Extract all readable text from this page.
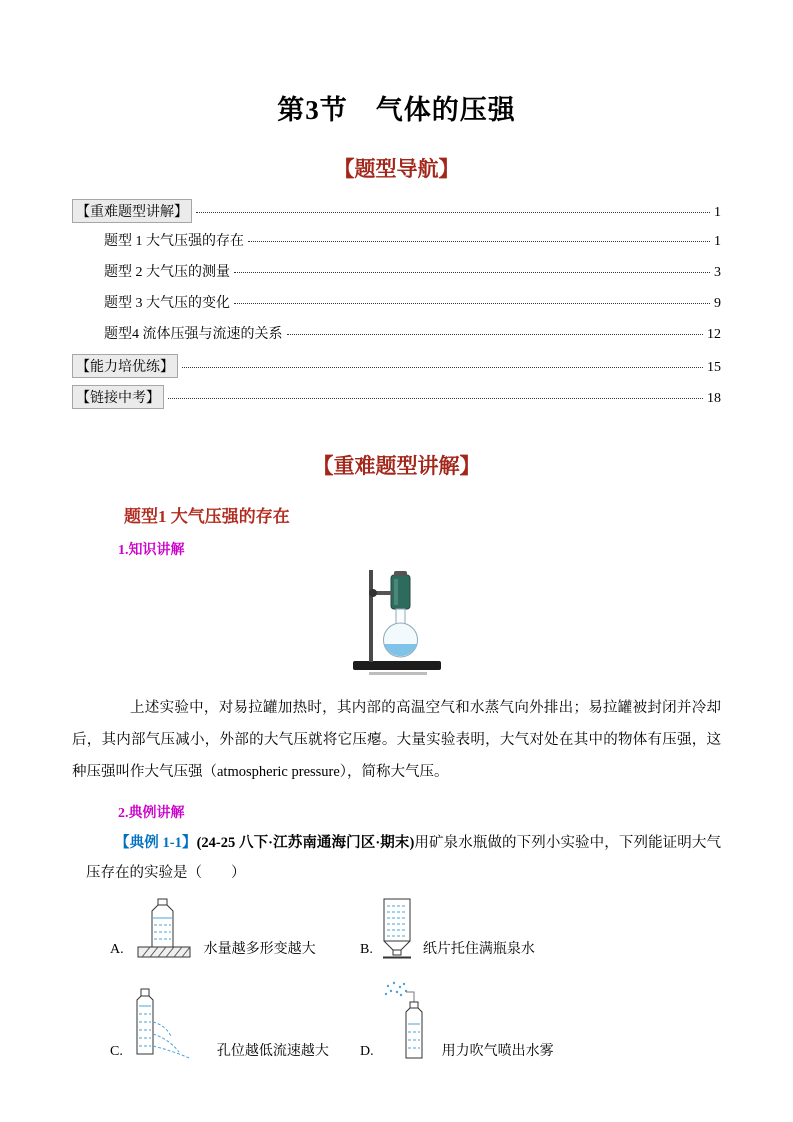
第3节　气体的压强
【题型导航】
【重难题型讲解】	1
题型 1 大气压强的存在	1
题型 2 大气压的测量	3
题型 3 大气压的变化	9
题型4 流体压强与流速的关系	12
【能力培优练】	15
【链接中考】	18
【重难题型讲解】
题型1 大气压强的存在
1.知识讲解

上述实验中，对易拉罐加热时，其内部的高温空气和水蒸气向外排出；易拉罐被封闭并冷却后，其内部气压减小，外部的大气压就将它压瘪。大量实验表明，大气对处在其中的物体有压强，这种压强叫作大气压强（atmospheric pressure），简称大气压。

2.典例讲解

【典例 1-1】(24-25 八下·江苏南通海门区·期末)用矿泉水瓶做的下列小实验中，下列能证明大气压存在的实验是（　　）

A.	水量越多形变越大	B.	纸片托住满瓶泉水
C.	孔位越低流速越大 D.	用力吹气喷出水雾
